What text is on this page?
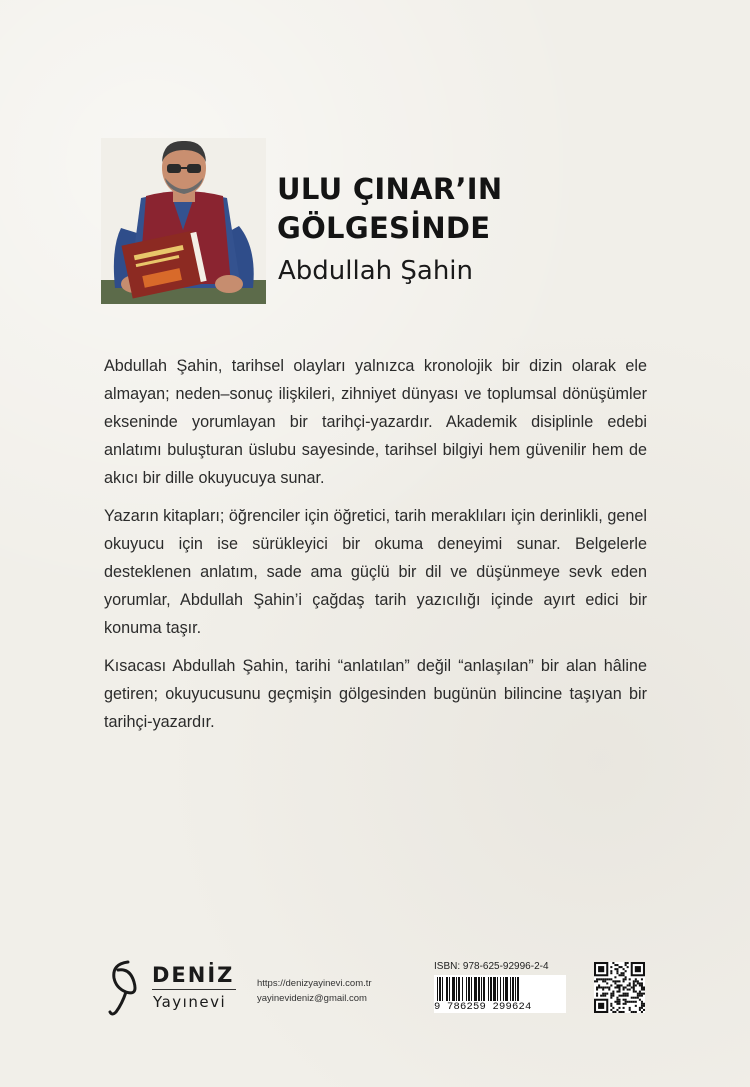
ULU ÇINAR’IN
GÖLGESİNDE
Abdullah Şahin

Abdullah Şahin, tarihsel olayları yalnızca kronolojik bir dizin olarak ele almayan; neden–sonuç ilişkileri, zihniyet dünyası ve toplumsal dönüşümler ekseninde yorumlayan bir tarihçi-yazardır. Akademik disiplinle edebi anlatımı buluşturan üslubu sayesinde, tarihsel bilgiyi hem güvenilir hem de akıcı bir dille okuyucuya sunar.

Yazarın kitapları; öğrenciler için öğretici, tarih meraklıları için derinlikli, genel okuyucu için ise sürükleyici bir okuma deneyimi sunar. Belgelerle desteklenen anlatım, sade ama güçlü bir dil ve düşünmeye sevk eden yorumlar, Abdullah Şahin’i çağdaş tarih yazıcılığı içinde ayırt edici bir konuma taşır.

Kısacası Abdullah Şahin, tarihi “anlatılan” değil “anlaşılan” bir alan hâline getiren; okuyucusunu geçmişin gölgesinden bugünün bilincine taşıyan bir tarihçi-yazardır.

DENİZ
Yayınevi
https://denizyayinevi.com.tr
yayinevideniz@gmail.com
ISBN: 978-625-92996-2-4
9 786259 299624
